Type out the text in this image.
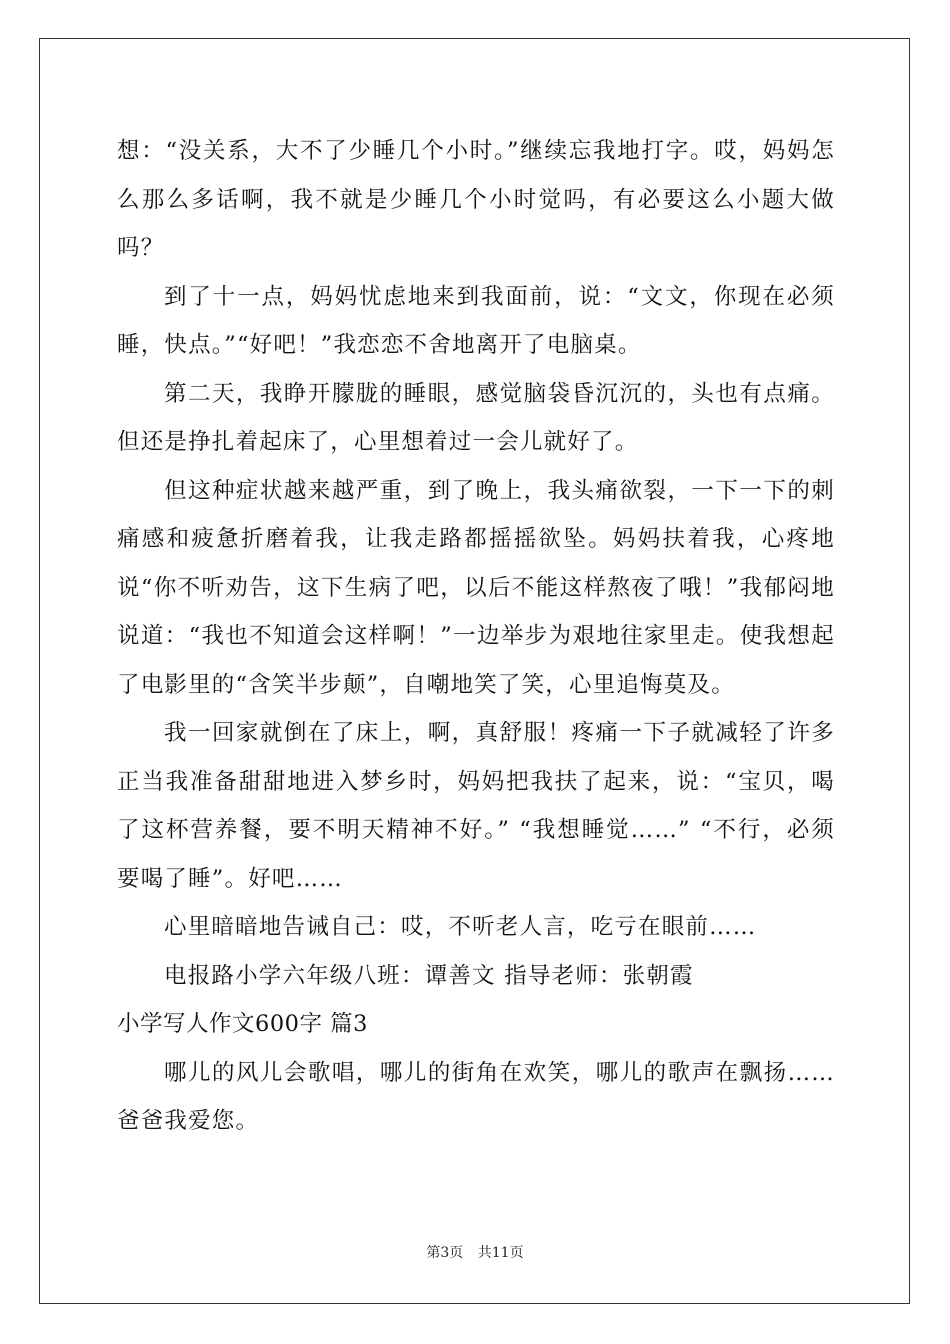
想：“没关系，大不了少睡几个小时。”继续忘我地打字。哎，妈妈怎么那么多话啊，我不就是少睡几个小时觉吗，有必要这么小题大做吗？

到了十一点，妈妈忧虑地来到我面前，说：“文文，你现在必须睡，快点。”“好吧！”我恋恋不舍地离开了电脑桌。

第二天，我睁开朦胧的睡眼，感觉脑袋昏沉沉的，头也有点痛。但还是挣扎着起床了，心里想着过一会儿就好了。

但这种症状越来越严重，到了晚上，我头痛欲裂，一下一下的刺痛感和疲惫折磨着我，让我走路都摇摇欲坠。妈妈扶着我，心疼地说“你不听劝告，这下生病了吧，以后不能这样熬夜了哦！”我郁闷地说道：“我也不知道会这样啊！”一边举步为艰地往家里走。使我想起了电影里的“含笑半步颠”，自嘲地笑了笑，心里追悔莫及。

我一回家就倒在了床上，啊，真舒服！疼痛一下子就减轻了许多正当我准备甜甜地进入梦乡时，妈妈把我扶了起来，说：“宝贝，喝了这杯营养餐，要不明天精神不好。” “我想睡觉……” “不行，必须要喝了睡”。好吧……

心里暗暗地告诫自己：哎，不听老人言，吃亏在眼前……

电报路小学六年级八班：谭善文 指导老师：张朝霞

小学写人作文600字 篇3

哪儿的风儿会歌唱，哪儿的街角在欢笑，哪儿的歌声在飘扬……爸爸我爱您。

第3页 共11页
